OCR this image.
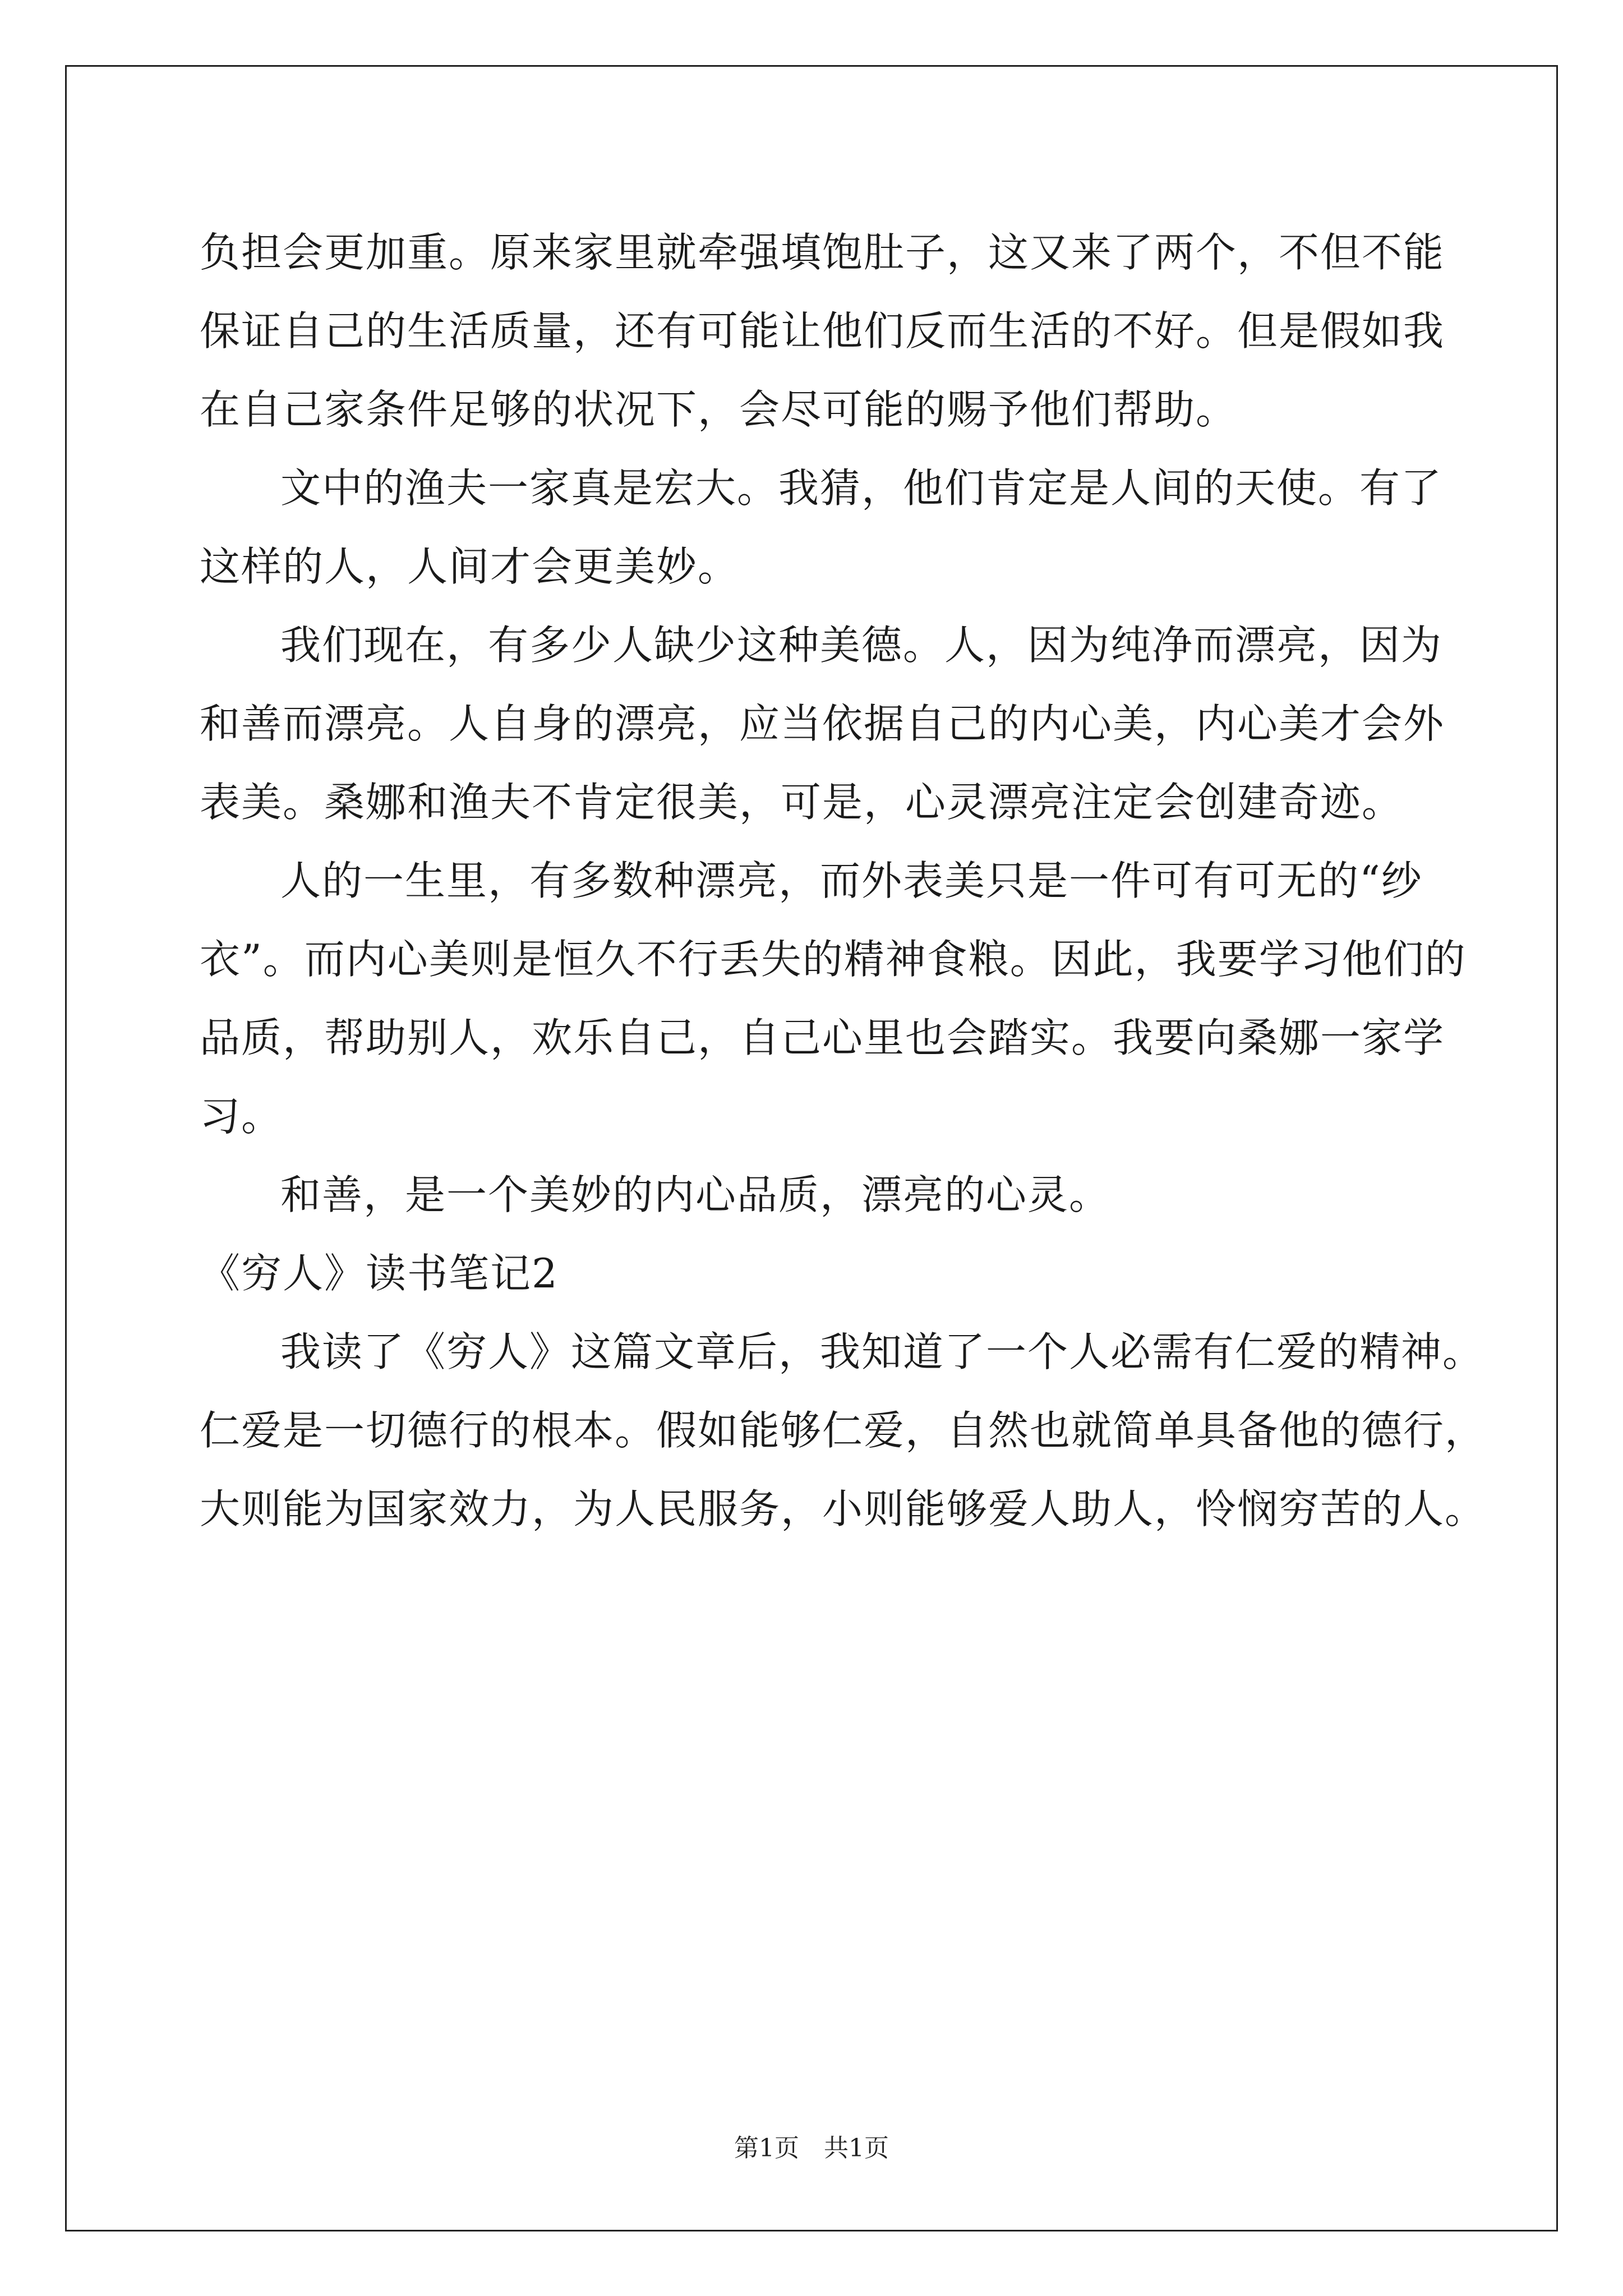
负担会更加重。原来家里就牵强填饱肚子，这又来了两个，不但不能
保证自己的生活质量，还有可能让他们反而生活的不好。但是假如我
在自己家条件足够的状况下，会尽可能的赐予他们帮助。
文中的渔夫一家真是宏大。我猜，他们肯定是人间的天使。有了
这样的人，人间才会更美妙。
我们现在，有多少人缺少这种美德。人，因为纯净而漂亮，因为
和善而漂亮。人自身的漂亮，应当依据自己的内心美，内心美才会外
表美。桑娜和渔夫不肯定很美，可是，心灵漂亮注定会创建奇迹。
人的一生里，有多数种漂亮，而外表美只是一件可有可无的“纱
衣”。而内心美则是恒久不行丢失的精神食粮。因此，我要学习他们的
品质，帮助别人，欢乐自己，自己心里也会踏实。我要向桑娜一家学
习。
和善，是一个美妙的内心品质，漂亮的心灵。
《穷人》读书笔记2
我读了《穷人》这篇文章后，我知道了一个人必需有仁爱的精神。
仁爱是一切德行的根本。假如能够仁爱，自然也就简单具备他的德行，
大则能为国家效力，为人民服务，小则能够爱人助人，怜悯穷苦的人。
第1页 共1页
